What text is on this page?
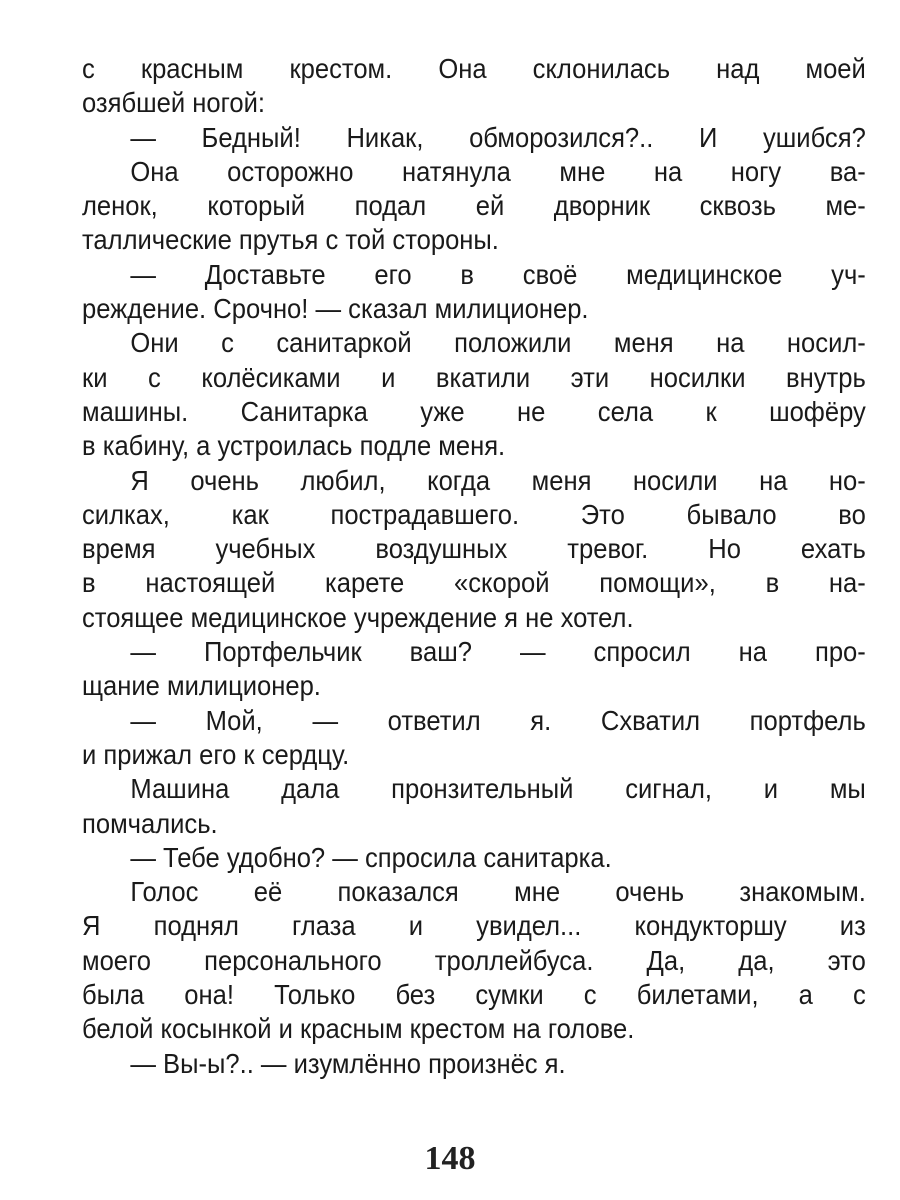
с красным крестом. Она склонилась над моей
озябшей ногой:
— Бедный! Никак, обморозился?.. И ушибся?
Она осторожно натянула мне на ногу ва-
ленок, который подал ей дворник сквозь ме-
таллические прутья с той стороны.
— Доставьте его в своё медицинское уч-
реждение. Срочно! — сказал милиционер.
Они с санитаркой положили меня на носил-
ки с колёсиками и вкатили эти носилки внутрь
машины. Санитарка уже не села к шофёру
в кабину, а устроилась подле меня.
Я очень любил, когда меня носили на но-
силках, как пострадавшего. Это бывало во
время учебных воздушных тревог. Но ехать
в настоящей карете «скорой помощи», в на-
стоящее медицинское учреждение я не хотел.
— Портфельчик ваш? — спросил на про-
щание милиционер.
— Мой, — ответил я. Схватил портфель
и прижал его к сердцу.
Машина дала пронзительный сигнал, и мы
помчались.
— Тебе удобно? — спросила санитарка.
Голос её показался мне очень знакомым.
Я поднял глаза и увидел... кондукторшу из
моего персонального троллейбуса. Да, да, это
была она! Только без сумки с билетами, а с
белой косынкой и красным крестом на голове.
— Вы-ы?.. — изумлённо произнёс я.
148
